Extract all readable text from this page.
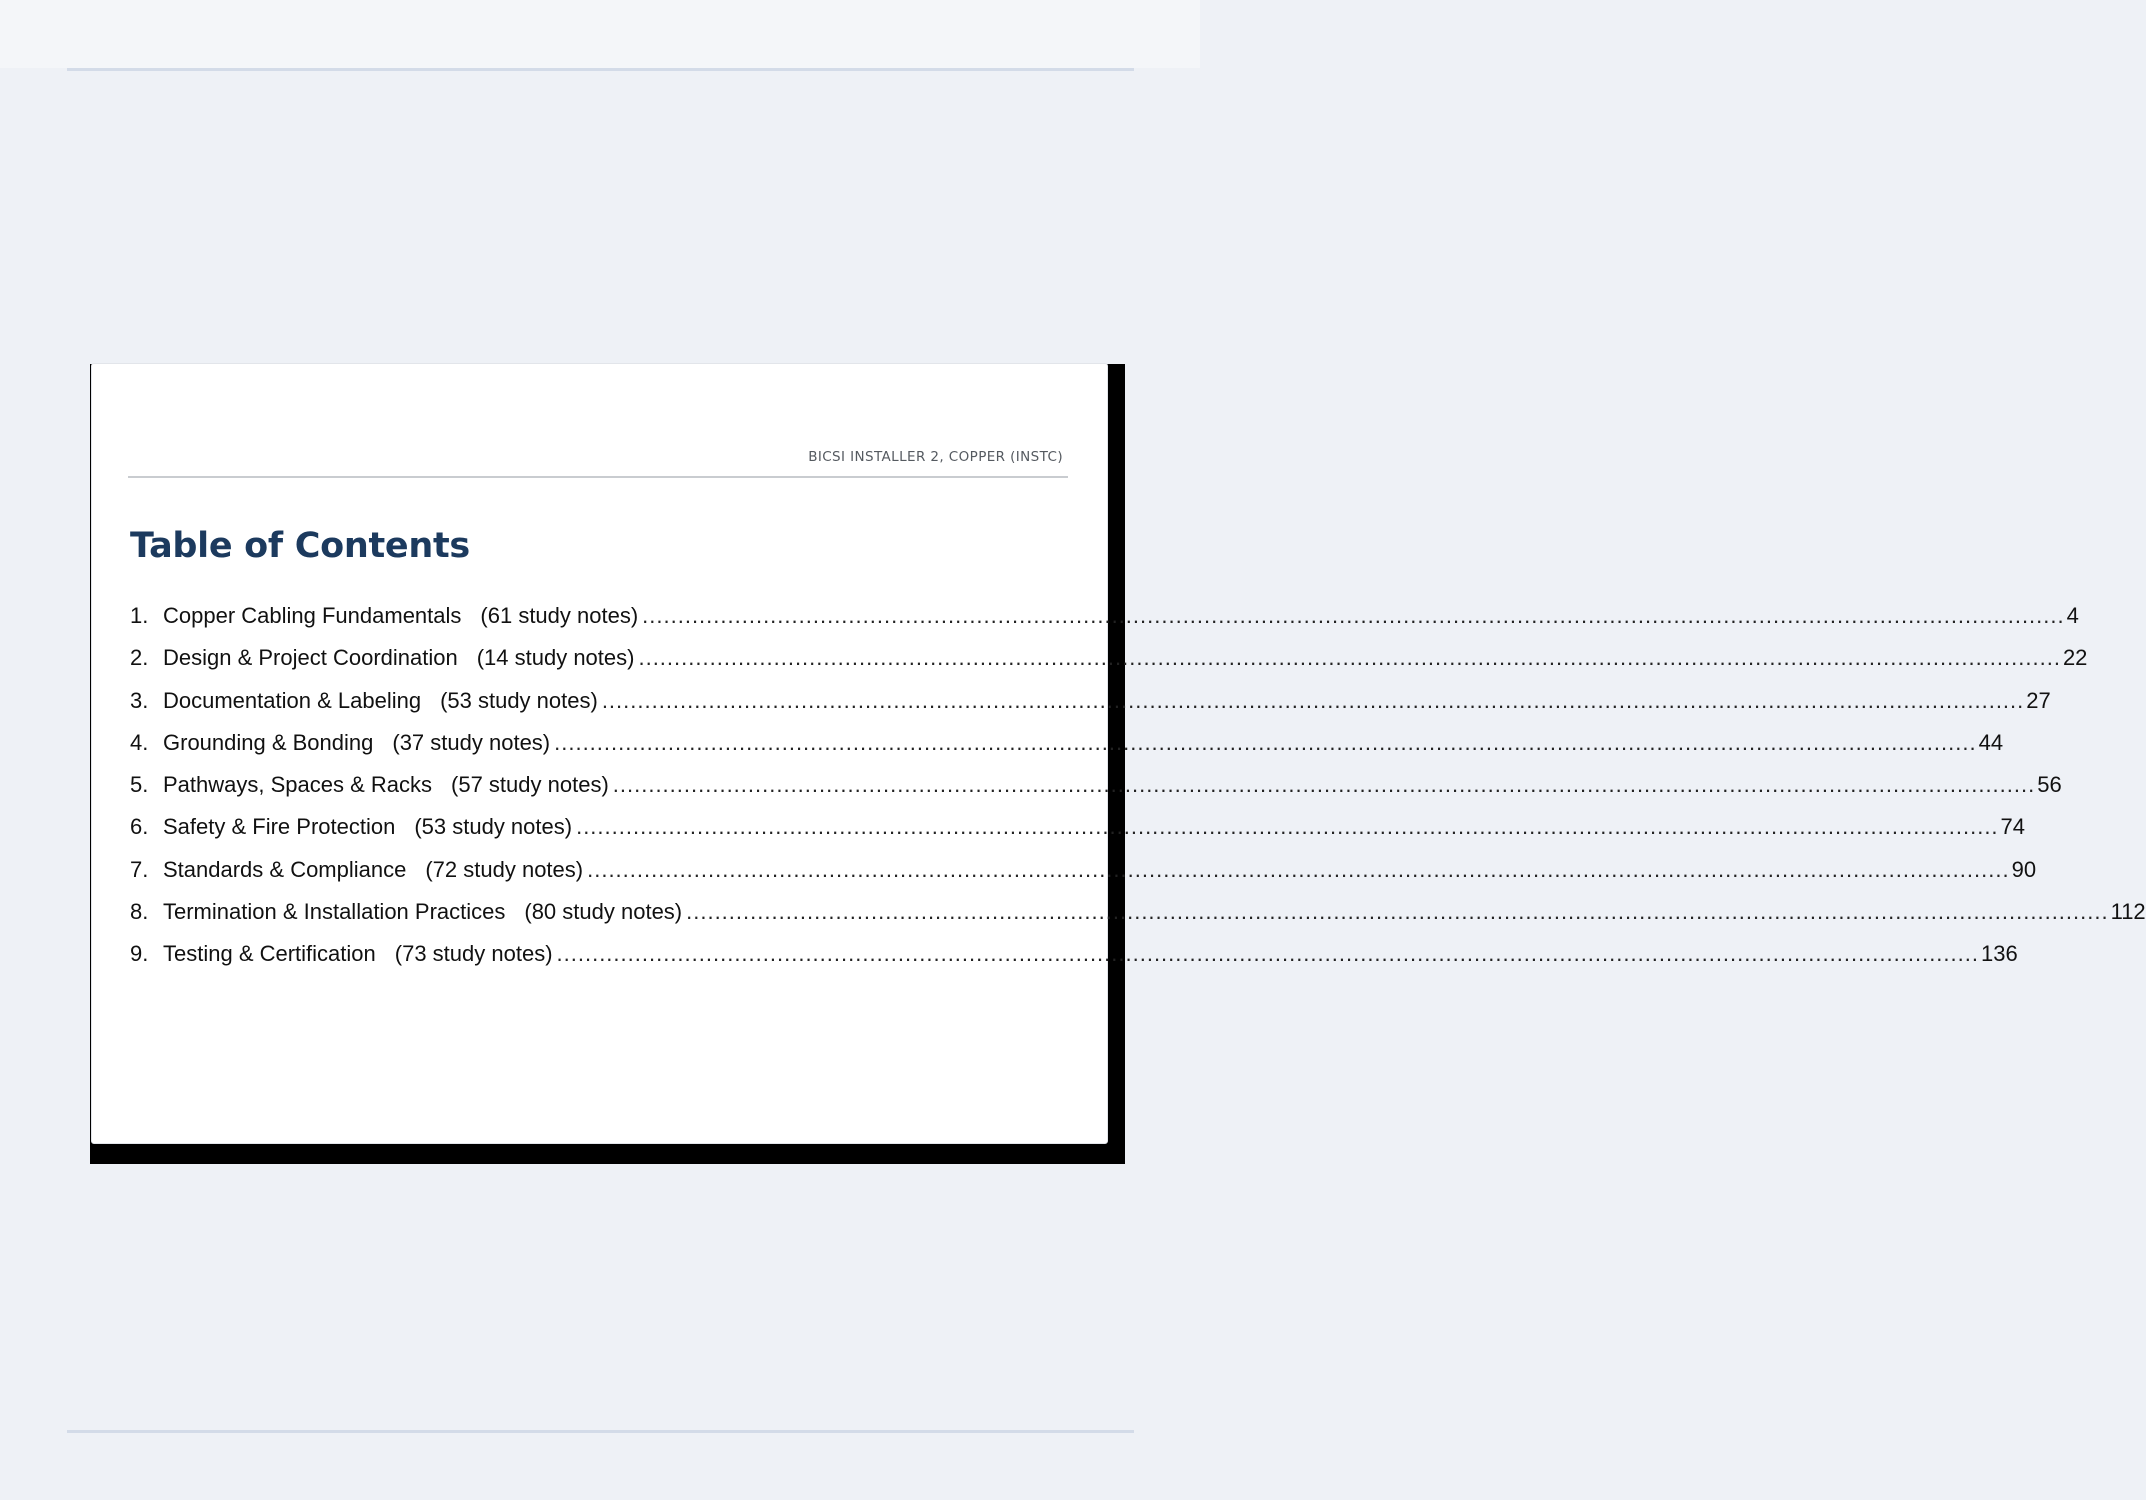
BICSI INSTALLER 2, COPPER (INSTC)
Table of Contents
1. Copper Cabling Fundamentals (61 study notes) ........................................................................................................................................................................................................ 4
2. Design & Project Coordination (14 study notes) ........................................................................................................................................................................................................ 22
3. Documentation & Labeling (53 study notes) ........................................................................................................................................................................................................ 27
4. Grounding & Bonding (37 study notes) ........................................................................................................................................................................................................ 44
5. Pathways, Spaces & Racks (57 study notes) ........................................................................................................................................................................................................ 56
6. Safety & Fire Protection (53 study notes) ........................................................................................................................................................................................................ 74
7. Standards & Compliance (72 study notes) ........................................................................................................................................................................................................ 90
8. Termination & Installation Practices (80 study notes) ........................................................................................................................................................................................................ 112
9. Testing & Certification (73 study notes) ........................................................................................................................................................................................................ 136
